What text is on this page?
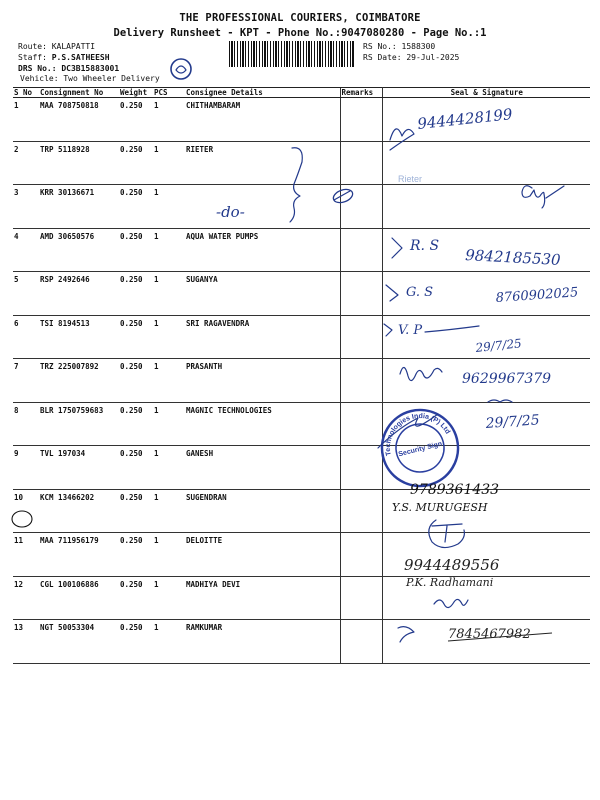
THE PROFESSIONAL COURIERS, COIMBATORE
Delivery Runsheet - KPT - Phone No.:9047080280 - Page No.:1
Route: KALAPATTI
Staff: P.S.SATHEESH
DRS No.: DC3B15883001
Vehicle: Two Wheeler Delivery
RS No.: 1588300
RS Date: 29-Jul-2025
S No	Consignment No	Weight	PCS	Consignee Details	Remarks	Seal & Signature
1	MAA 708750818	0.250	1	CHITHAMBARAM		
2	TRP 5118928	0.250	1	RIETER		
3	KRR 30136671	0.250	1			
4	AMD 30650576	0.250	1	AQUA WATER PUMPS		
5	RSP 2492646	0.250	1	SUGANYA		
6	TSI 8194513	0.250	1	SRI RAGAVENDRA		
7	TRZ 225007892	0.250	1	PRASANTH		
8	BLR 1750759683	0.250	1	MAGNIC TECHNOLOGIES		
9	TVL 197034	0.250	1	GANESH		
10	KCM 13466202	0.250	1	SUGENDRAN		
11	MAA 711956179	0.250	1	DELOITTE		
12	CGL 100106886	0.250	1	MADHIYA DEVI		
13	NGT 50053304	0.250	1	RAMKUMAR		
9444428199
-do-
Rieter
R. S
9842185530
G. S	8760902025
V. P
29/7/25
9629967379
29/7/25
Technologies India (P) Ltd
Security Sign
9789361433
Y.S. MURUGESH
9944489556
P.K. Radhamani
7845467982
